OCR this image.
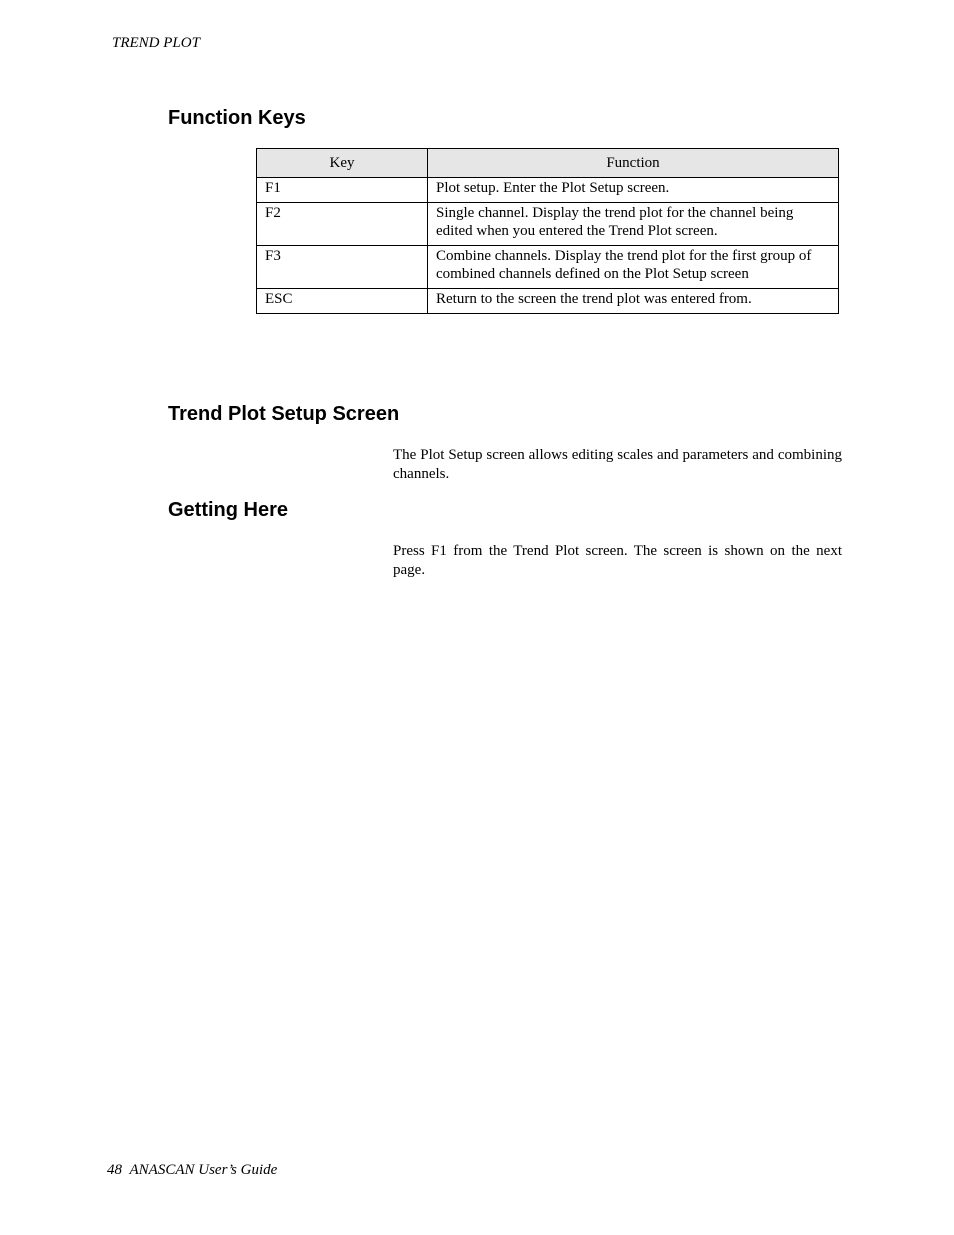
TREND PLOT
Function Keys
Key	Function
F1	Plot setup. Enter the Plot Setup screen.
F2	Single channel. Display the trend plot for the channel being edited when you entered the Trend Plot screen.
F3	Combine channels. Display the trend plot for the first group of combined channels defined on the Plot Setup screen
ESC	Return to the screen the trend plot was entered from.
Trend Plot Setup Screen

The Plot Setup screen allows editing scales and parameters and combining channels.

Getting Here

Press F1 from the Trend Plot screen. The screen is shown on the next page.

48 ANASCAN User’s Guide
